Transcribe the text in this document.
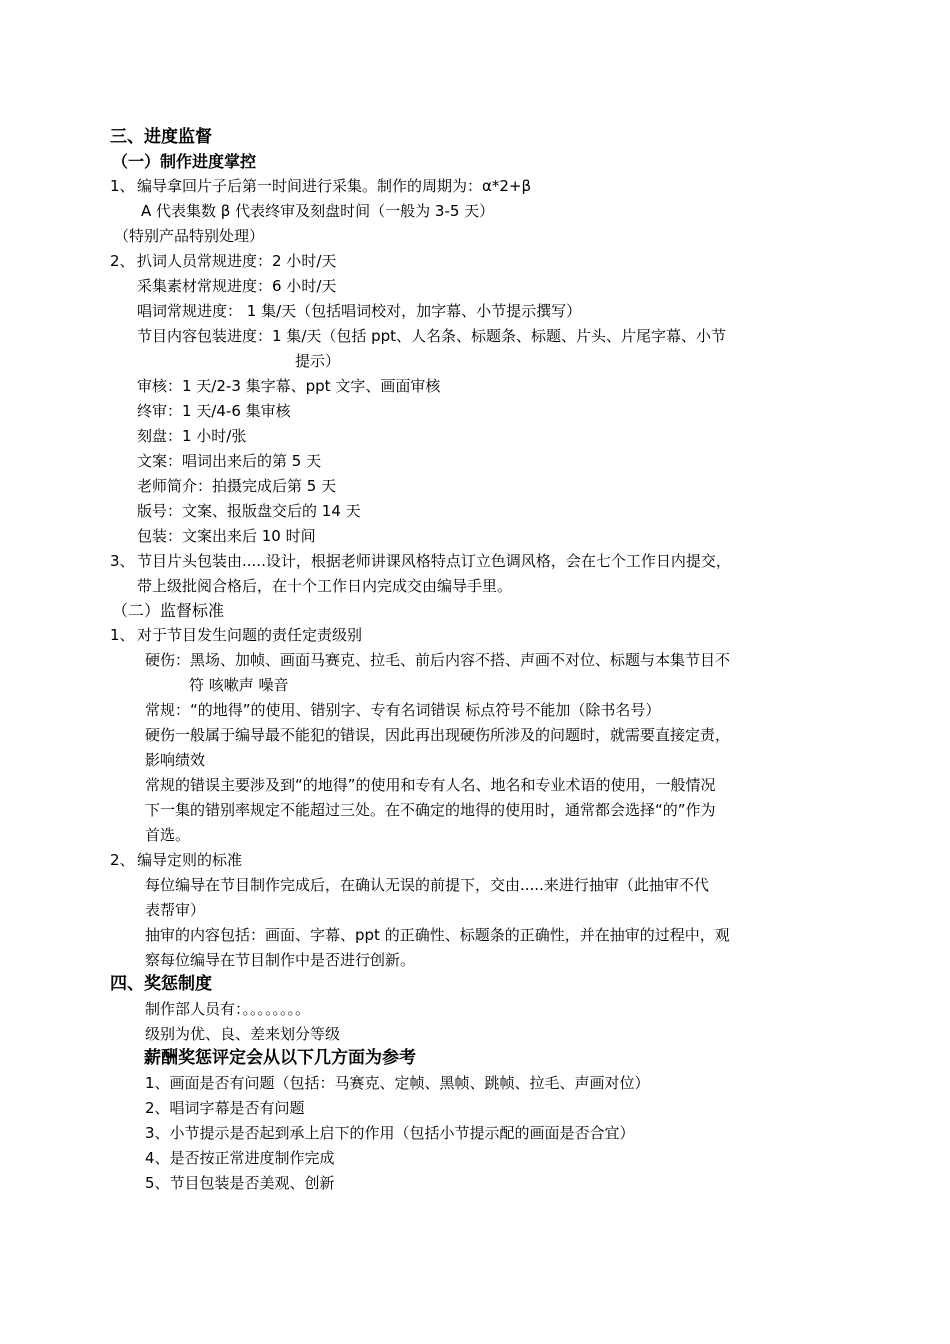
三、进度监督
（一）制作进度掌控
1、 编导拿回片子后第一时间进行采集。制作的周期为：α*2+β
A 代表集数 β 代表终审及刻盘时间（一般为 3-5 天）
（特别产品特别处理）
2、 扒词人员常规进度：2 小时/天
采集素材常规进度：6 小时/天
唱词常规进度： 1 集/天（包括唱词校对，加字幕、小节提示撰写）
节目内容包装进度：1 集/天（包括 ppt、人名条、标题条、标题、片头、片尾字幕、小节
提示）
审核：1 天/2-3 集字幕、ppt 文字、画面审核
终审：1 天/4-6 集审核
刻盘：1 小时/张
文案：唱词出来后的第 5 天
老师简介：拍摄完成后第 5 天
版号：文案、报版盘交后的 14 天
包装：文案出来后 10 时间
3、 节目片头包装由.....设计，根据老师讲课风格特点订立色调风格，会在七个工作日内提交，
带上级批阅合格后，在十个工作日内完成交由编导手里。
（二）监督标准
1、 对于节目发生问题的责任定责级别
硬伤：黑场、加帧、画面马赛克、拉毛、前后内容不搭、声画不对位、标题与本集节目不
符 咳嗽声 噪音
常规：“的地得”的使用、错别字、专有名词错误 标点符号不能加（除书名号）
硬伤一般属于编导最不能犯的错误，因此再出现硬伤所涉及的问题时，就需要直接定责，
影响绩效
常规的错误主要涉及到“的地得”的使用和专有人名、地名和专业术语的使用，一般情况
下一集的错别率规定不能超过三处。在不确定的地得的使用时，通常都会选择“的”作为
首选。
2、 编导定则的标准
每位编导在节目制作完成后，在确认无误的前提下，交由.....来进行抽审（此抽审不代
表帮审）
抽审的内容包括：画面、字幕、ppt 的正确性、标题条的正确性，并在抽审的过程中，观
察每位编导在节目制作中是否进行创新。
四、奖惩制度
制作部人员有：。。。。。。。。
级别为优、良、差来划分等级
薪酬奖惩评定会从以下几方面为参考
1、画面是否有问题（包括：马赛克、定帧、黑帧、跳帧、拉毛、声画对位）
2、唱词字幕是否有问题
3、小节提示是否起到承上启下的作用（包括小节提示配的画面是否合宜）
4、是否按正常进度制作完成
5、节目包装是否美观、创新
